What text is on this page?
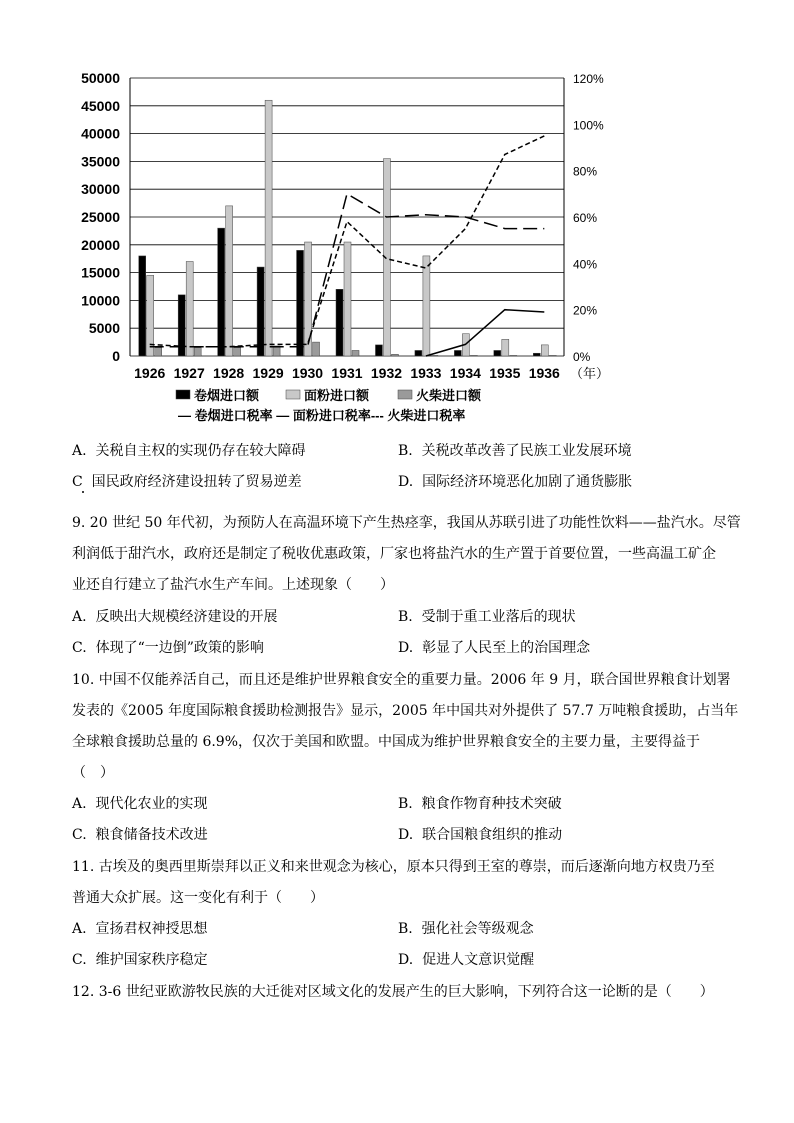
0
5000
10000
15000
20000
25000
30000
35000
40000
45000
50000
0%
20%
40%
60%
80%
100%
120%
1926 1927 1928 1929 1930 1931 1932 1933 1934 1935 1936 （年）
卷烟进口额	面粉进口额	火柴进口额
— 卷烟进口税率 — 面粉进口税率--- 火柴进口税率
A. 关税自主权的实现仍存在较大障碍	B. 关税改革改善了民族工业发展环境
C 国民政府经济建设扭转了贸易逆差	D. 国际经济环境恶化加剧了通货膨胀
9. 20 世纪 50 年代初，为预防人在高温环境下产生热痉挛，我国从苏联引进了功能性饮料——盐汽水。尽管
利润低于甜汽水，政府还是制定了税收优惠政策，厂家也将盐汽水的生产置于首要位置，一些高温工矿企
业还自行建立了盐汽水生产车间。上述现象（　　）
A. 反映出大规模经济建设的开展	B. 受制于重工业落后的现状
C. 体现了“一边倒”政策的影响	D. 彰显了人民至上的治国理念
10. 中国不仅能养活自己，而且还是维护世界粮食安全的重要力量。2006 年 9 月，联合国世界粮食计划署
发表的《2005 年度国际粮食援助检测报告》显示，2005 年中国共对外提供了 57.7 万吨粮食援助，占当年
全球粮食援助总量的 6.9%，仅次于美国和欧盟。中国成为维护世界粮食安全的主要力量，主要得益于
（　）
A. 现代化农业的实现	B. 粮食作物育种技术突破
C. 粮食储备技术改进	D. 联合国粮食组织的推动
11. 古埃及的奥西里斯崇拜以正义和来世观念为核心，原本只得到王室的尊崇，而后逐渐向地方权贵乃至
普通大众扩展。这一变化有利于（　　）
A. 宣扬君权神授思想	B. 强化社会等级观念
C. 维护国家秩序稳定	D. 促进人文意识觉醒
12. 3-6 世纪亚欧游牧民族的大迁徙对区域文化的发展产生的巨大影响，下列符合这一论断的是（　　）
